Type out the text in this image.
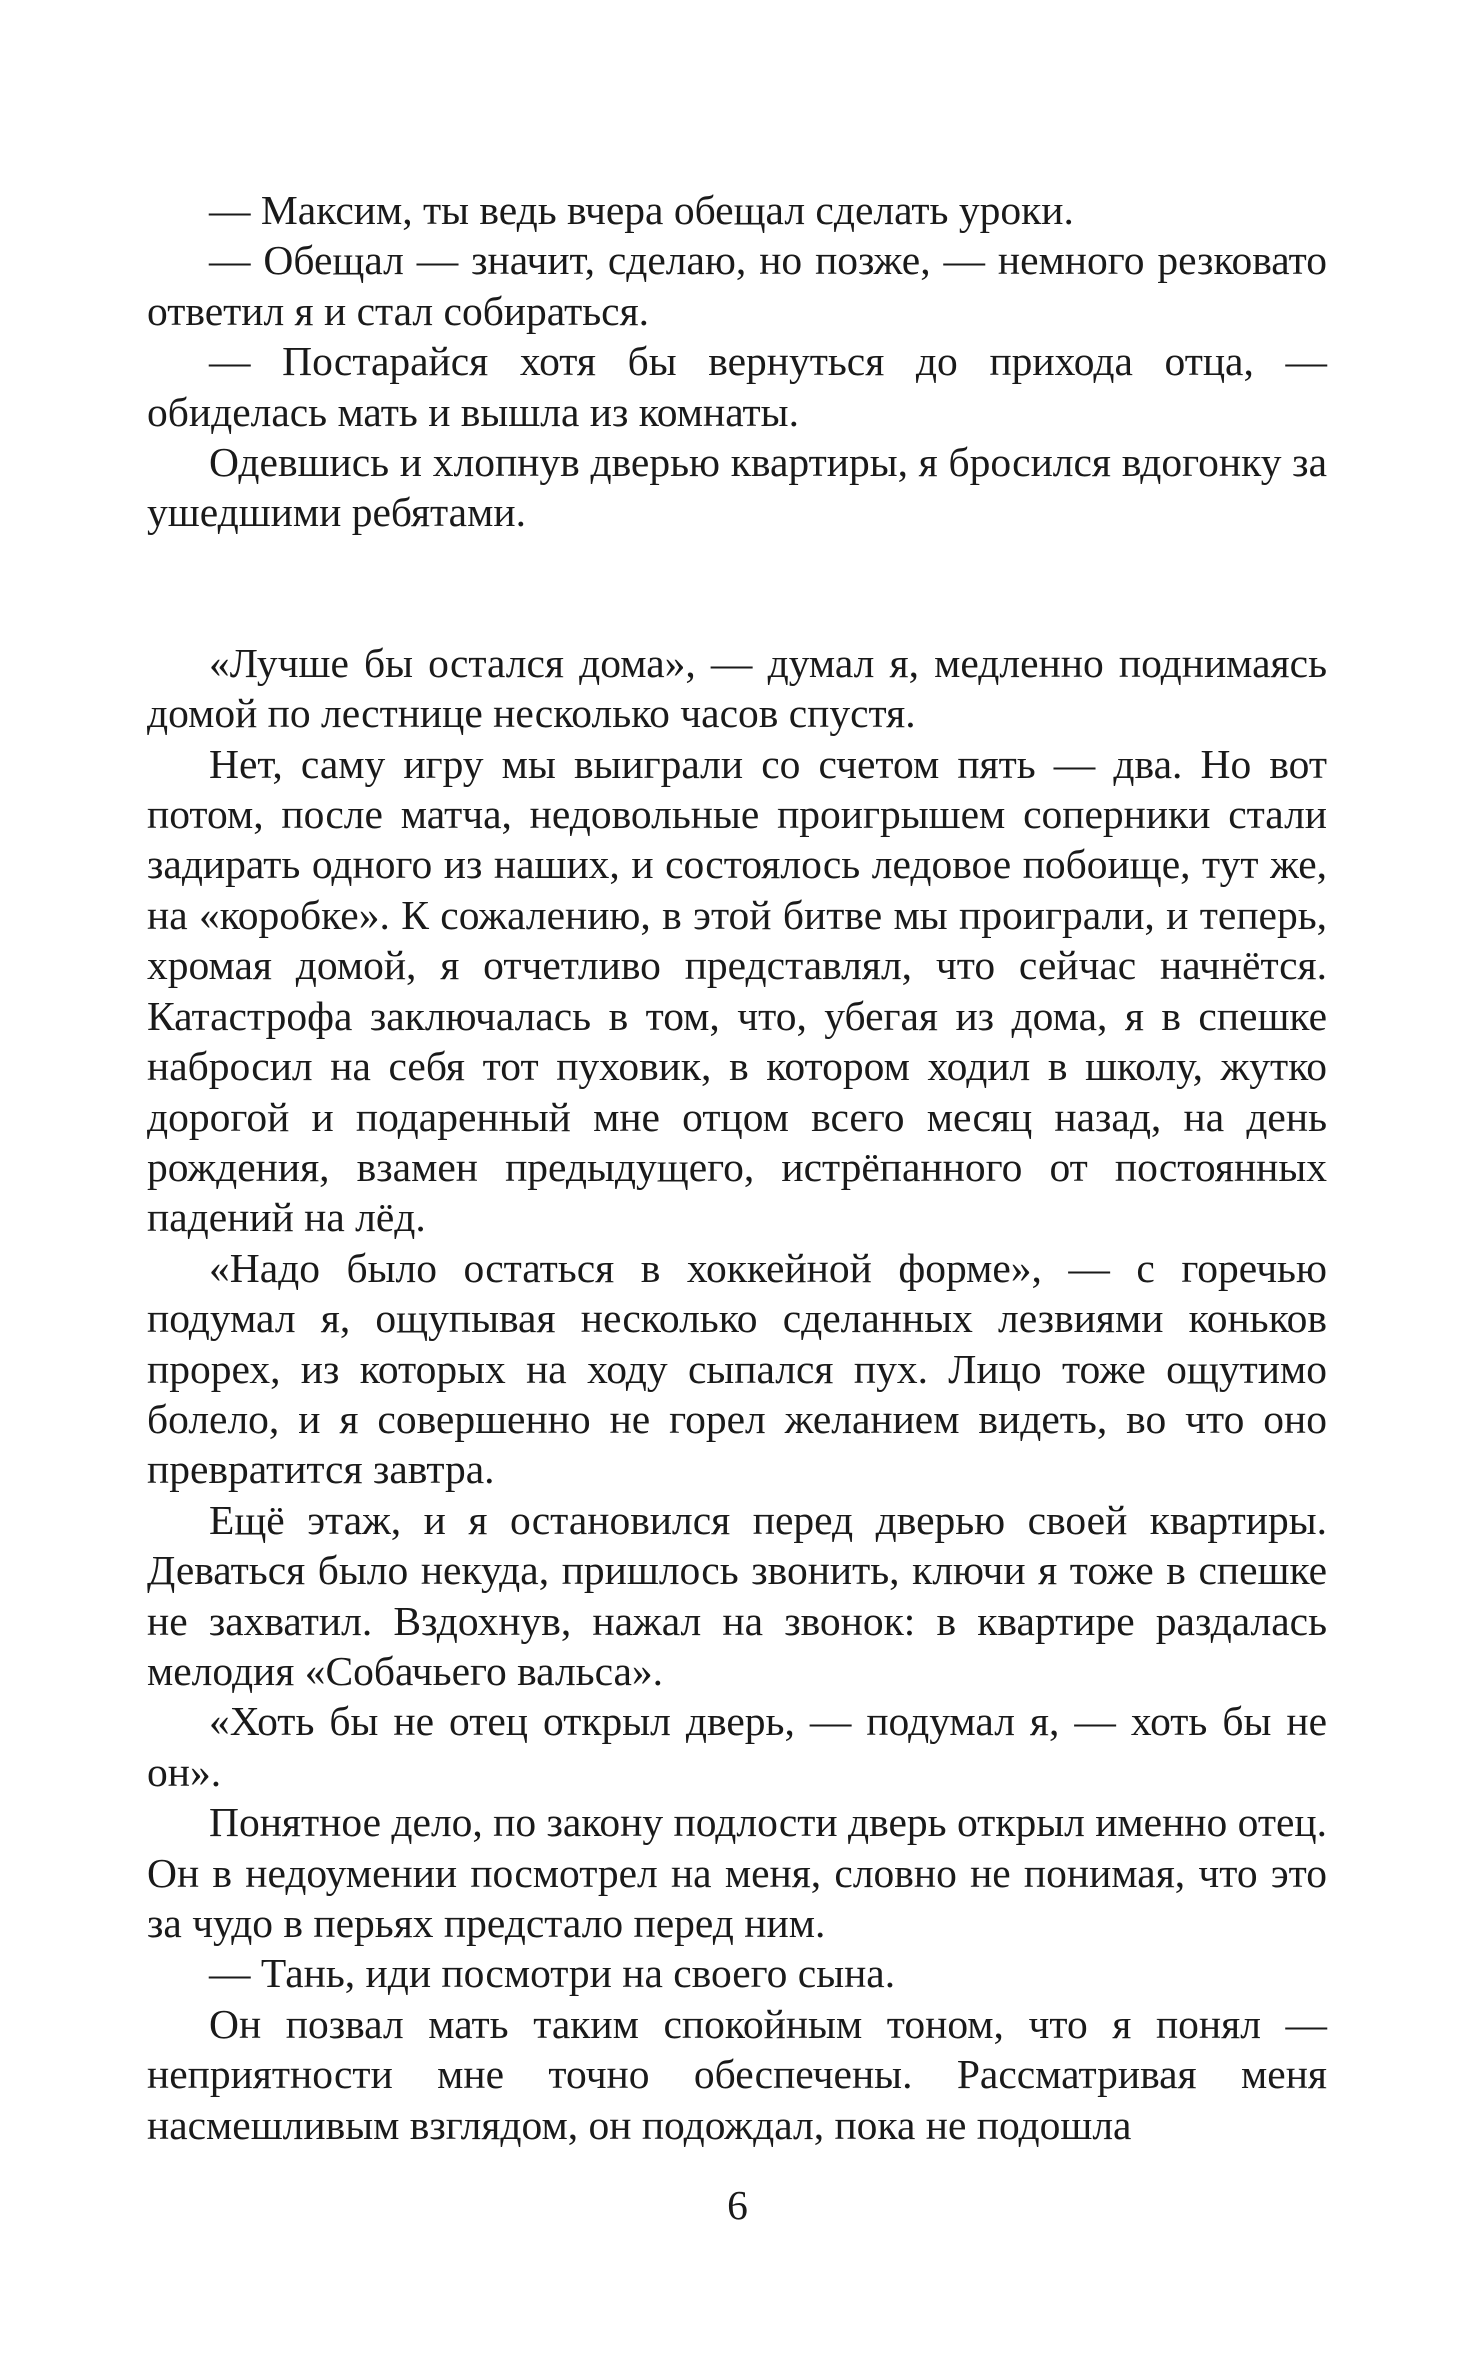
— Максим, ты ведь вчера обещал сделать уроки.

— Обещал — значит, сделаю, но позже, — немного резковато ответил я и стал собираться.

— Постарайся хотя бы вернуться до прихода отца, — обиделась мать и вышла из комнаты.

Одевшись и хлопнув дверью квартиры, я бросился вдогонку за ушедшими ребятами.

«Лучше бы остался дома», — думал я, медленно поднимаясь домой по лестнице несколько часов спустя.

Нет, саму игру мы выиграли со счетом пять — два. Но вот потом, после матча, недовольные проигрышем соперники стали задирать одного из наших, и состоялось ледовое побоище, тут же, на «коробке». К сожалению, в этой битве мы проиграли, и теперь, хромая домой, я отчетливо представлял, что сейчас начнётся. Катастрофа заключалась в том, что, убегая из дома, я в спешке набросил на себя тот пуховик, в котором ходил в школу, жутко дорогой и подаренный мне отцом всего месяц назад, на день рождения, взамен предыдущего, истрёпанного от постоянных падений на лёд.

«Надо было остаться в хоккейной форме», — с горечью подумал я, ощупывая несколько сделанных лезвиями коньков прорех, из которых на ходу сыпался пух. Лицо тоже ощутимо болело, и я совершенно не горел желанием видеть, во что оно превратится завтра.

Ещё этаж, и я остановился перед дверью своей квартиры. Деваться было некуда, пришлось звонить, ключи я тоже в спешке не захватил. Вздохнув, нажал на звонок: в квартире раздалась мелодия «Собачьего вальса».

«Хоть бы не отец открыл дверь, — подумал я, — хоть бы не он».

Понятное дело, по закону подлости дверь открыл именно отец. Он в недоумении посмотрел на меня, словно не понимая, что это за чудо в перьях предстало перед ним.

— Тань, иди посмотри на своего сына.

Он позвал мать таким спокойным тоном, что я понял — неприятности мне точно обеспечены. Рассматривая меня насмешливым взглядом, он подождал, пока не подошла

6
